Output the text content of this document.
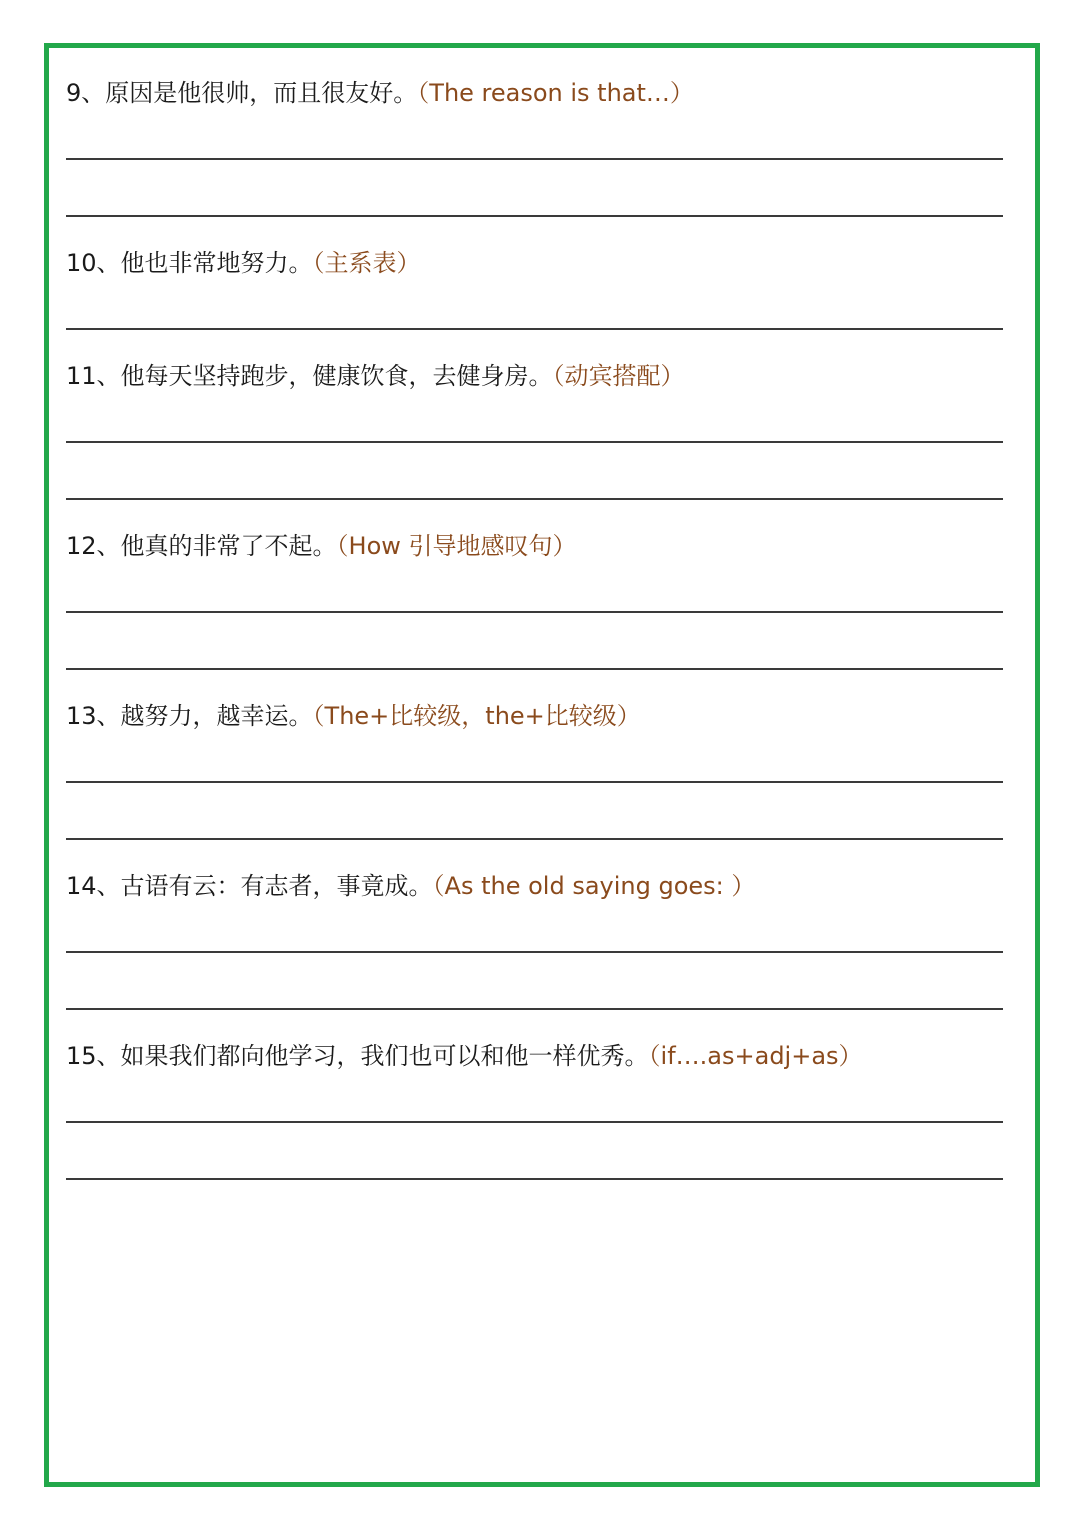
9、原因是他很帅，而且很友好。（The reason is that…）
10、他也非常地努力。（主系表）
11、他每天坚持跑步，健康饮食，去健身房。（动宾搭配）
12、他真的非常了不起。（How 引导地感叹句）
13、越努力，越幸运。（The+比较级，the+比较级）
14、古语有云：有志者，事竟成。（As the old saying goes: ）
15、如果我们都向他学习，我们也可以和他一样优秀。（if….as+adj+as）
